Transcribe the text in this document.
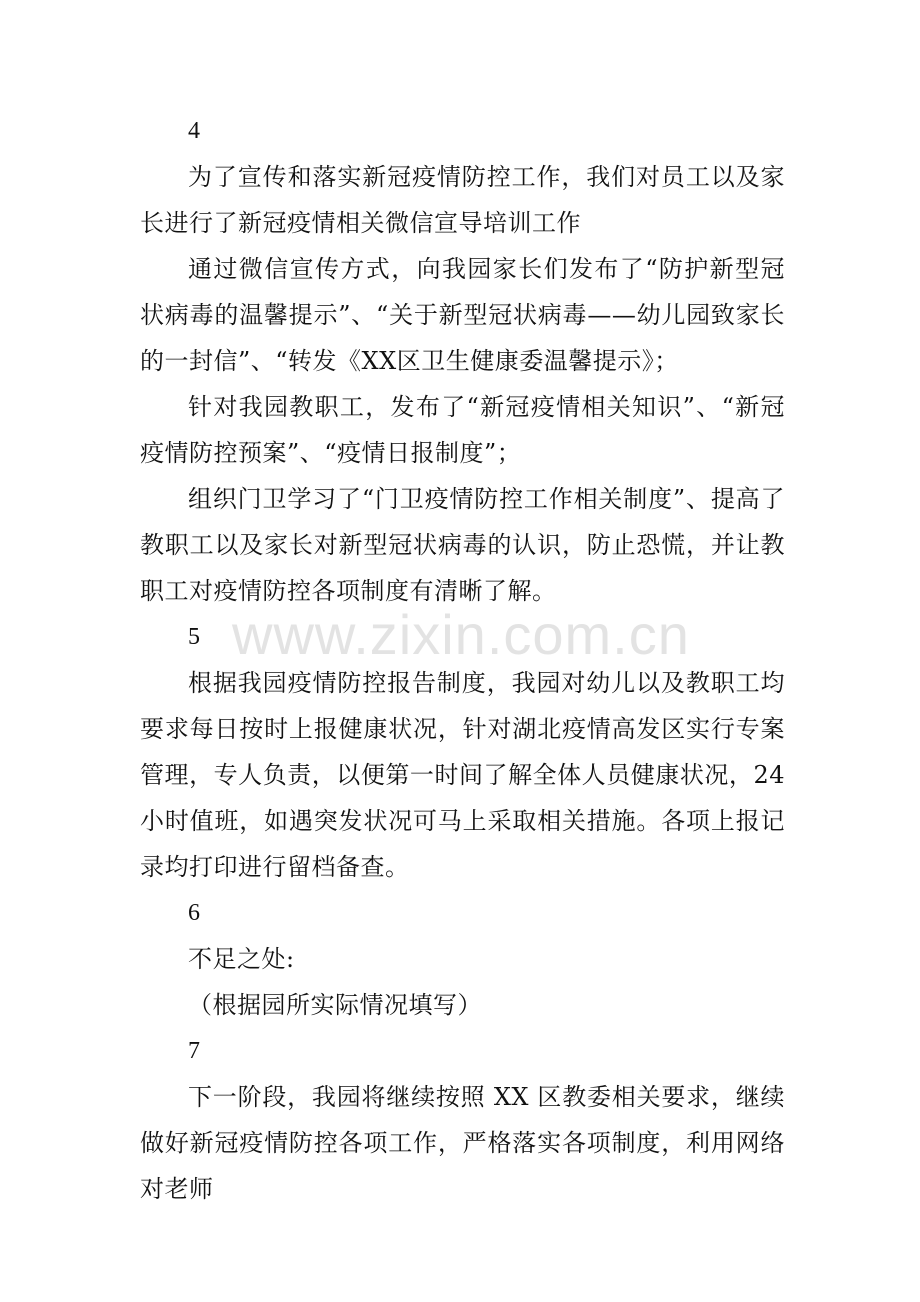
4

为了宣传和落实新冠疫情防控工作，我们对员工以及家长进行了新冠疫情相关微信宣导培训工作

通过微信宣传方式，向我园家长们发布了“防护新型冠状病毒的温馨提示”、“关于新型冠状病毒——幼儿园致家长的一封信”、“转发《XX区卫生健康委温馨提示》；

针对我园教职工，发布了“新冠疫情相关知识”、“新冠疫情防控预案”、“疫情日报制度”；

组织门卫学习了“门卫疫情防控工作相关制度”、提高了教职工以及家长对新型冠状病毒的认识，防止恐慌，并让教职工对疫情防控各项制度有清晰了解。

5

根据我园疫情防控报告制度，我园对幼儿以及教职工均要求每日按时上报健康状况，针对湖北疫情高发区实行专案管理，专人负责，以便第一时间了解全体人员健康状况，24 小时值班，如遇突发状况可马上采取相关措施。各项上报记录均打印进行留档备查。

6

不足之处:

（根据园所实际情况填写）

7

下一阶段，我园将继续按照 XX 区教委相关要求，继续做好新冠疫情防控各项工作，严格落实各项制度，利用网络对老师

www.zixin.com.cn
